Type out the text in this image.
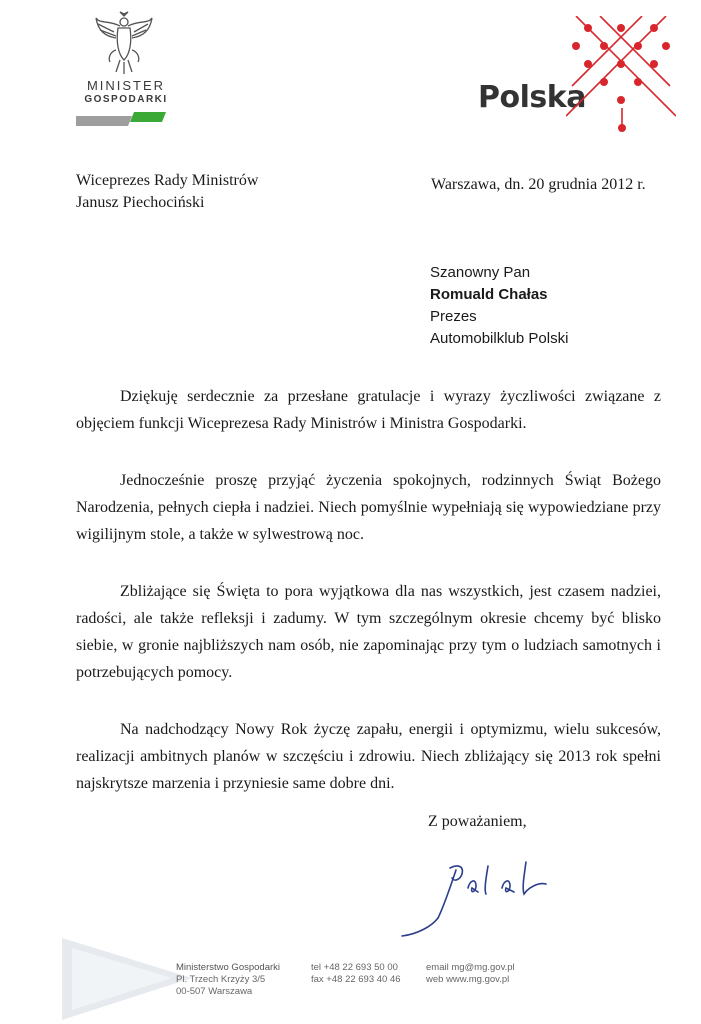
MINISTER
GOSPODARKI	Polska
Wiceprezes Rady Ministrów
Janusz Piechociński
Warszawa, dn. 20 grudnia 2012 r.
Szanowny Pan
Romuald Chałas
Prezes
Automobilklub Polski

Dziękuję serdecznie za przesłane gratulacje i wyrazy życzliwości związane z objęciem funkcji Wiceprezesa Rady Ministrów i Ministra Gospodarki.

Jednocześnie proszę przyjąć życzenia spokojnych, rodzinnych Świąt Bożego Narodzenia, pełnych ciepła i nadziei. Niech pomyślnie wypełniają się wypowiedziane przy wigilijnym stole, a także w sylwestrową noc.

Zbliżające się Święta to pora wyjątkowa dla nas wszystkich, jest czasem nadziei, radości, ale także refleksji i zadumy. W tym szczególnym okresie chcemy być blisko siebie, w gronie najbliższych nam osób, nie zapominając przy tym o ludziach samotnych i potrzebujących pomocy.

Na nadchodzący Nowy Rok życzę zapału, energii i optymizmu, wielu sukcesów, realizacji ambitnych planów w szczęściu i zdrowiu. Niech zbliżający się 2013 rok spełni najskrytsze marzenia i przyniesie same dobre dni.

Z poważaniem,
Ministerstwo Gospodarki
Pl. Trzech Krzyży 3/5
00-507 Warszawa
tel +48 22 693 50 00
fax +48 22 693 40 46
email mg@mg.gov.pl
web www.mg.gov.pl
